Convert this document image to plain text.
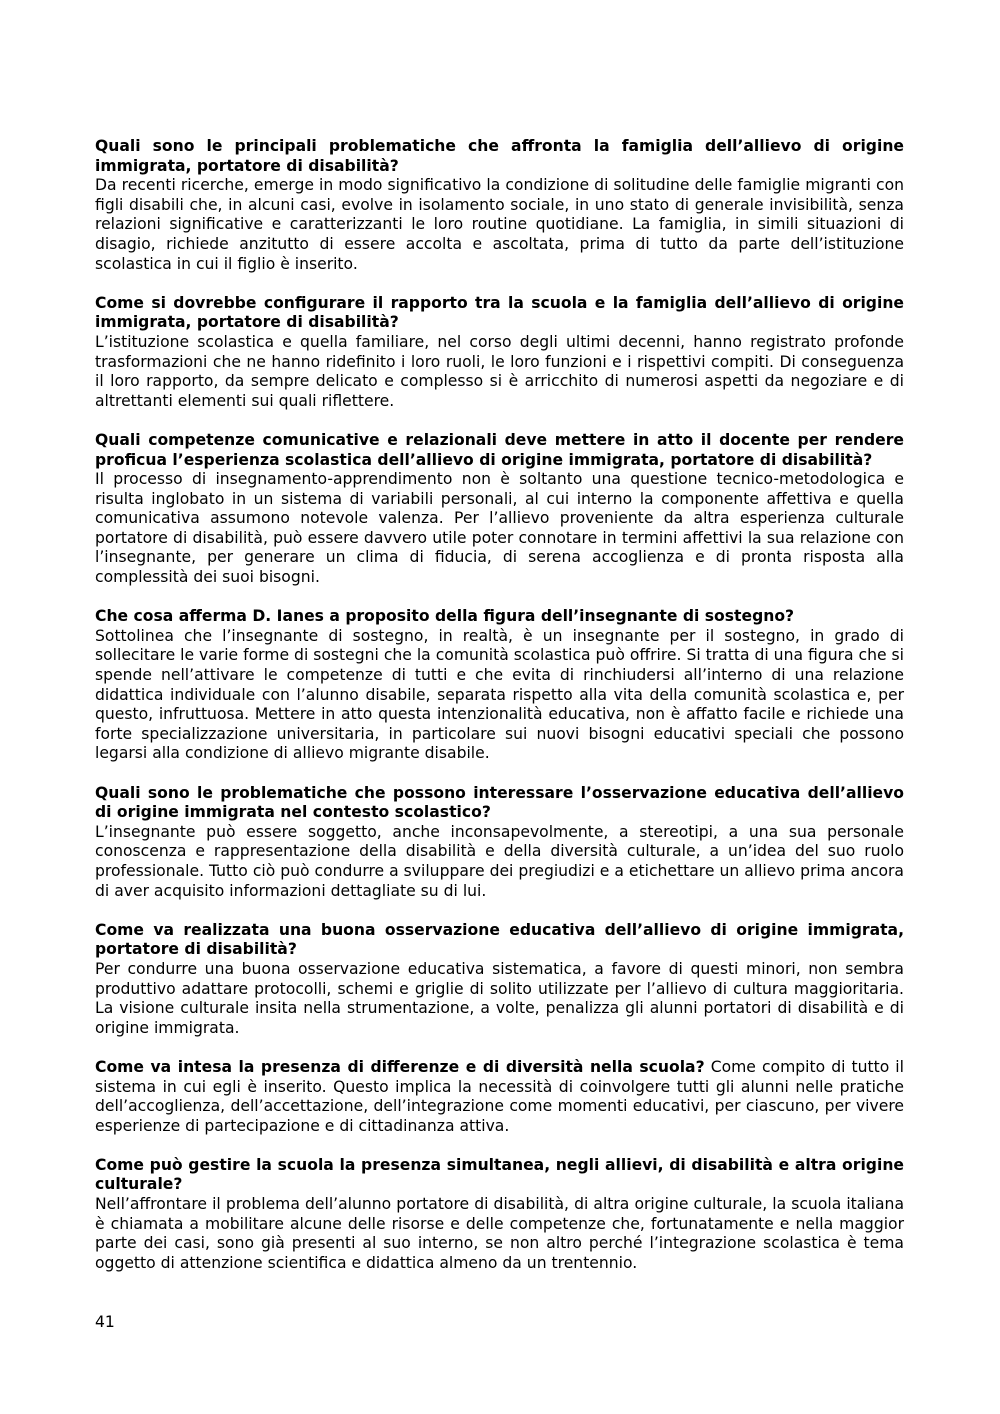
Quali sono le principali problematiche che affronta la famiglia dell’allievo di origine immigrata, portatore di disabilità?
Da recenti ricerche, emerge in modo significativo la condizione di solitudine delle famiglie migranti con figli disabili che, in alcuni casi, evolve in isolamento sociale, in uno stato di generale invisibilità, senza relazioni significative e caratterizzanti le loro routine quotidiane. La famiglia, in simili situazioni di disagio, richiede anzitutto di essere accolta e ascoltata, prima di tutto da parte dell’istituzione scolastica in cui il figlio è inserito.
Come si dovrebbe configurare il rapporto tra la scuola e la famiglia dell’allievo di origine immigrata, portatore di disabilità?
L’istituzione scolastica e quella familiare, nel corso degli ultimi decenni, hanno registrato profonde trasformazioni che ne hanno ridefinito i loro ruoli, le loro funzioni e i rispettivi compiti. Di conseguenza il loro rapporto, da sempre delicato e complesso si è arricchito di numerosi aspetti da negoziare e di altrettanti elementi sui quali riflettere.
Quali competenze comunicative e relazionali deve mettere in atto il docente per rendere proficua l’esperienza scolastica dell’allievo di origine immigrata, portatore di disabilità?
Il processo di insegnamento-apprendimento non è soltanto una questione tecnico-metodologica e risulta inglobato in un sistema di variabili personali, al cui interno la componente affettiva e quella comunicativa assumono notevole valenza. Per l’allievo proveniente da altra esperienza culturale portatore di disabilità, può essere davvero utile poter connotare in termini affettivi la sua relazione con l’insegnante, per generare un clima di fiducia, di serena accoglienza e di pronta risposta alla complessità dei suoi bisogni.
Che cosa afferma D. Ianes a proposito della figura dell’insegnante di sostegno?
Sottolinea che l’insegnante di sostegno, in realtà, è un insegnante per il sostegno, in grado di sollecitare le varie forme di sostegni che la comunità scolastica può offrire. Si tratta di una figura che si spende nell’attivare le competenze di tutti e che evita di rinchiudersi all’interno di una relazione didattica individuale con l’alunno disabile, separata rispetto alla vita della comunità scolastica e, per questo, infruttuosa. Mettere in atto questa intenzionalità educativa, non è affatto facile e richiede una forte specializzazione universitaria, in particolare sui nuovi bisogni educativi speciali che possono legarsi alla condizione di allievo migrante disabile.
Quali sono le problematiche che possono interessare l’osservazione educativa dell’allievo di origine immigrata nel contesto scolastico?
L’insegnante può essere soggetto, anche inconsapevolmente, a stereotipi, a una sua personale conoscenza e rappresentazione della disabilità e della diversità culturale, a un’idea del suo ruolo professionale. Tutto ciò può condurre a sviluppare dei pregiudizi e a etichettare un allievo prima ancora di aver acquisito informazioni dettagliate su di lui.
Come va realizzata una buona osservazione educativa dell’allievo di origine immigrata, portatore di disabilità?
Per condurre una buona osservazione educativa sistematica, a favore di questi minori, non sembra produttivo adattare protocolli, schemi e griglie di solito utilizzate per l’allievo di cultura maggioritaria. La visione culturale insita nella strumentazione, a volte, penalizza gli alunni portatori di disabilità e di origine immigrata.
Come va intesa la presenza di differenze e di diversità nella scuola? Come compito di tutto il sistema in cui egli è inserito. Questo implica la necessità di coinvolgere tutti gli alunni nelle pratiche dell’accoglienza, dell’accettazione, dell’integrazione come momenti educativi, per ciascuno, per vivere esperienze di partecipazione e di cittadinanza attiva.
Come può gestire la scuola la presenza simultanea, negli allievi, di disabilità e altra origine culturale?
Nell’affrontare il problema dell’alunno portatore di disabilità, di altra origine culturale, la scuola italiana è chiamata a mobilitare alcune delle risorse e delle competenze che, fortunatamente e nella maggior parte dei casi, sono già presenti al suo interno, se non altro perché l’integrazione scolastica è tema oggetto di attenzione scientifica e didattica almeno da un trentennio.
41
